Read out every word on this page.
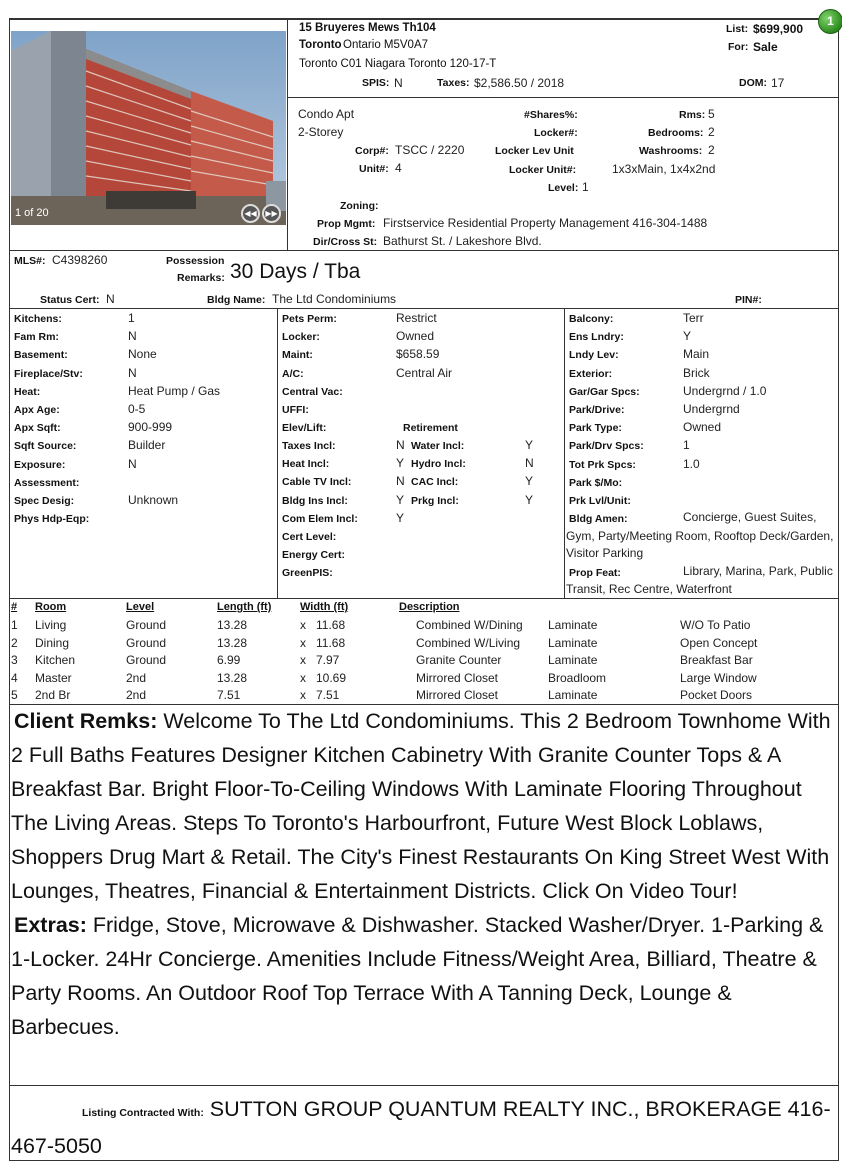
1
1 of 20	◀◀	▶▶
15 Bruyeres Mews Th104
Toronto Ontario M5V0A7
Toronto C01 Niagara Toronto 120-17-T
SPIS: N	Taxes: $2,586.50 / 2018
List: $699,900
For: Sale
DOM: 17
Condo Apt
2-Storey
Corp#: TSCC / 2220
Unit#: 4
#Shares%:
Locker#:
Locker Lev Unit
Locker Unit#:
Level: 1
Rms: 5
Bedrooms: 2
Washrooms: 2
1x3xMain, 1x4x2nd
Zoning:
Prop Mgmt: Firstservice Residential Property Management 416-304-1488
Dir/Cross St: Bathurst St. / Lakeshore Blvd.
MLS#: C4398260	Possession
Remarks: 30 Days / Tba
Status Cert: N	Bldg Name: The Ltd Condominiums	PIN#:
Kitchens:	1
Fam Rm:	N
Basement:	None
Fireplace/Stv:	N
Heat:	Heat Pump / Gas
Apx Age:	0-5
Apx Sqft:	900-999
Sqft Source:	Builder
Exposure:	N
Assessment:
Spec Desig:	Unknown
Phys Hdp-Eqp:
Pets Perm:	Restrict
Locker:	Owned
Maint:	$658.59
A/C:	Central Air
Central Vac:
UFFI:
Elev/Lift:	Retirement
Taxes Incl:	N Water Incl:	Y
Heat Incl:	Y Hydro Incl:	N
Cable TV Incl:	N CAC Incl:	Y
Bldg Ins Incl:	Y Prkg Incl:	Y
Com Elem Incl:	Y
Cert Level:
Energy Cert:
GreenPIS:
Balcony:	Terr
Ens Lndry:	Y
Lndy Lev:	Main
Exterior:	Brick
Gar/Gar Spcs:	Undergrnd / 1.0
Park/Drive:	Undergrnd
Park Type:	Owned
Park/Drv Spcs:	1
Tot Prk Spcs:	1.0
Park $/Mo:
Prk Lvl/Unit:
Bldg Amen:	Concierge, Guest Suites,
Gym, Party/Meeting Room, Rooftop Deck/Garden,
Visitor Parking
Prop Feat:	Library, Marina, Park, Public
Transit, Rec Centre, Waterfront
# Room	Level	Length (ft)	Width (ft)	Description
1 Living	Ground	13.28	x 11.68	Combined W/Dining Laminate	W/O To Patio
2 Dining	Ground	13.28	x 11.68	Combined W/Living Laminate	Open Concept
3 Kitchen	Ground	6.99	x 7.97	Granite Counter	Laminate	Breakfast Bar
4 Master	2nd	13.28	x 10.69	Mirrored Closet	Broadloom	Large Window
5 2nd Br	2nd	7.51	x 7.51	Mirrored Closet	Laminate	Pocket Doors
Client Remks: Welcome To The Ltd Condominiums. This 2 Bedroom Townhome With 2 Full Baths Features Designer Kitchen Cabinetry With Granite Counter Tops & A Breakfast Bar. Bright Floor-To-Ceiling Windows With Laminate Flooring Throughout The Living Areas. Steps To Toronto's Harbourfront, Future West Block Loblaws, Shoppers Drug Mart & Retail. The City's Finest Restaurants On King Street West With Lounges, Theatres, Financial & Entertainment Districts. Click On Video Tour!
Extras: Fridge, Stove, Microwave & Dishwasher. Stacked Washer/Dryer. 1-Parking & 1-Locker. 24Hr Concierge. Amenities Include Fitness/Weight Area, Billiard, Theatre & Party Rooms. An Outdoor Roof Top Terrace With A Tanning Deck, Lounge & Barbecues.
Listing Contracted With: SUTTON GROUP QUANTUM REALTY INC., BROKERAGE 416-467-5050
